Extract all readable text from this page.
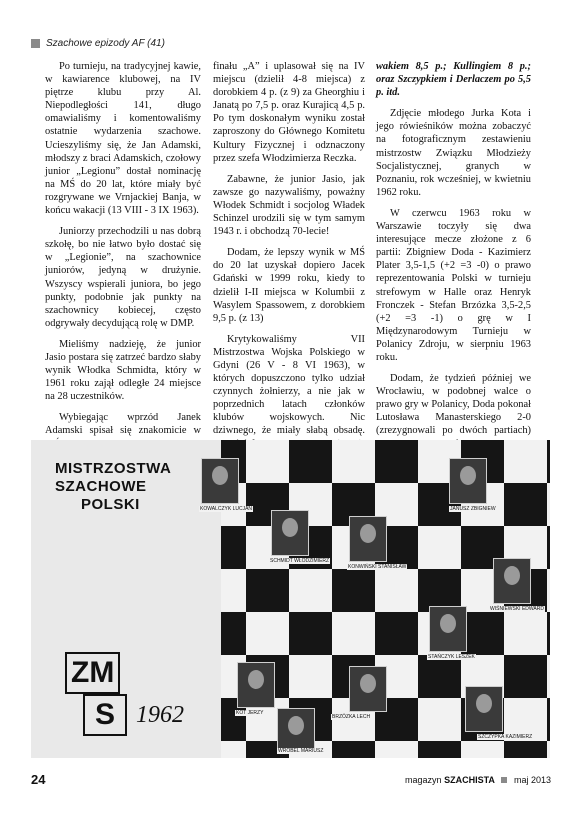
Szachowe epizody AF (41)

Po turnieju, na tradycyjnej kawie, w kawiarence klubowej, na IV piętrze klubu przy Al. Niepodległości 141, długo omawialiśmy i komentowaliśmy ostatnie wydarzenia szachowe. Ucieszyliśmy się, że Jan Adamski, młodszy z braci Adamskich, czołowy junior „Legionu” dostał nominację na MŚ do 20 lat, które miały być rozgrywane we Vrnjackiej Banja, w końcu wakacji (13 VIII - 3 IX 1963).

Juniorzy przechodzili u nas dobrą szkołę, bo nie łatwo było dostać się w „Legionie”, na szachownice juniorów, jedyną w drużynie. Wszyscy wspierali juniora, bo jego punkty, podobnie jak punkty na szachownicy kobiecej, często odgrywały decydującą rolę w DMP.

Mieliśmy nadzieję, że junior Jasio postara się zatrzeć bardzo słaby wynik Włodka Schmidta, który w 1961 roku zajął odległe 24 miejsce na 28 uczestników.

Wybiegając wprzód Janek Adamski spisał się znakomicie w

finału „A” i uplasował się na IV miejscu (dzielił 4-8 miejsca) z dorobkiem 4 p. (z 9) za Gheorghiu i Janatą po 7,5 p. oraz Kurajicą 4,5 p. Po tym doskonałym wyniku został zaproszony do Głównego Komitetu Kultury Fizycznej i odznaczony przez szefa Włodzimierza Reczka.

Zabawne, że junior Jasio, jak zawsze go nazywaliśmy, poważny Włodek Schmidt i socjolog Władek Schinzel urodzili się w tym samym 1943 r. i obchodzą 70-lecie!

Dodam, że lepszy wynik w MŚ do 20 lat uzyskał dopiero Jacek Gdański w 1999 roku, kiedy to dzielił I-II miejsca w Kolumbii z Wasylem Spassowem, z dorobkiem 9,5 p. (z 13)

Krytykowaliśmy VII Mistrzostwa Wojska Polskiego w Gdyni (26 V - 8 VI 1963), w których dopuszczono tylko udział czynnych żołnierzy, a nie jak w poprzednich latach członków klubów wojskowych. Nic dziwnego, że miały słabą obsadę.

wakiem 8,5 p.; Kullingiem 8 p.; oraz Szczypkiem i Derlaczem po 5,5 p. itd.

Zdjęcie młodego Jurka Kota i jego rówieśników można zobaczyć na fotograficznym zestawieniu mistrzostw Związku Młodzieży Socjalistycznej, granych w Poznaniu, rok wcześniej, w kwietniu 1962 roku.

W czerwcu 1963 roku w Warszawie toczyły się dwa interesujące mecze złożone z 6 partii: Zbigniew Doda - Kazimierz Plater 3,5-1,5 (+2 =3 -0) o prawo reprezentowania Polski w turnieju strefowym w Halle oraz Henryk Fronczek - Stefan Brzózka 3,5-2,5 (+2 =3 -1) o grę w I Międzynarodowym Turnieju w Polanicy Zdroju, w sierpniu 1963 roku.

Dodam, że tydzień później we Wrocławiu, w podobnej walce o prawo gry w Polanicy, Doda pokonał Lutosława Manasterskiego 2-0 (zrezygnowali po dwóch partiach)

MISTRZOSTWA
SZACHOWE
POLSKI
ZM
S 1962
KOWALCZYK LUCJAN
SCHMIDT WŁODZIMIERZ
KONWIŃSKI STANISŁAW
JANUSZ ZBIGNIEW
WIŚNIEWSKI EDWARD
STAŃCZYK LESZEK
KOT JERZY
BRZÓZKA LECH
WROBEL MARIUSZ
SZCZYPKA KAZIMIERZ
24	magazyn SZACHISTA maj 2013
